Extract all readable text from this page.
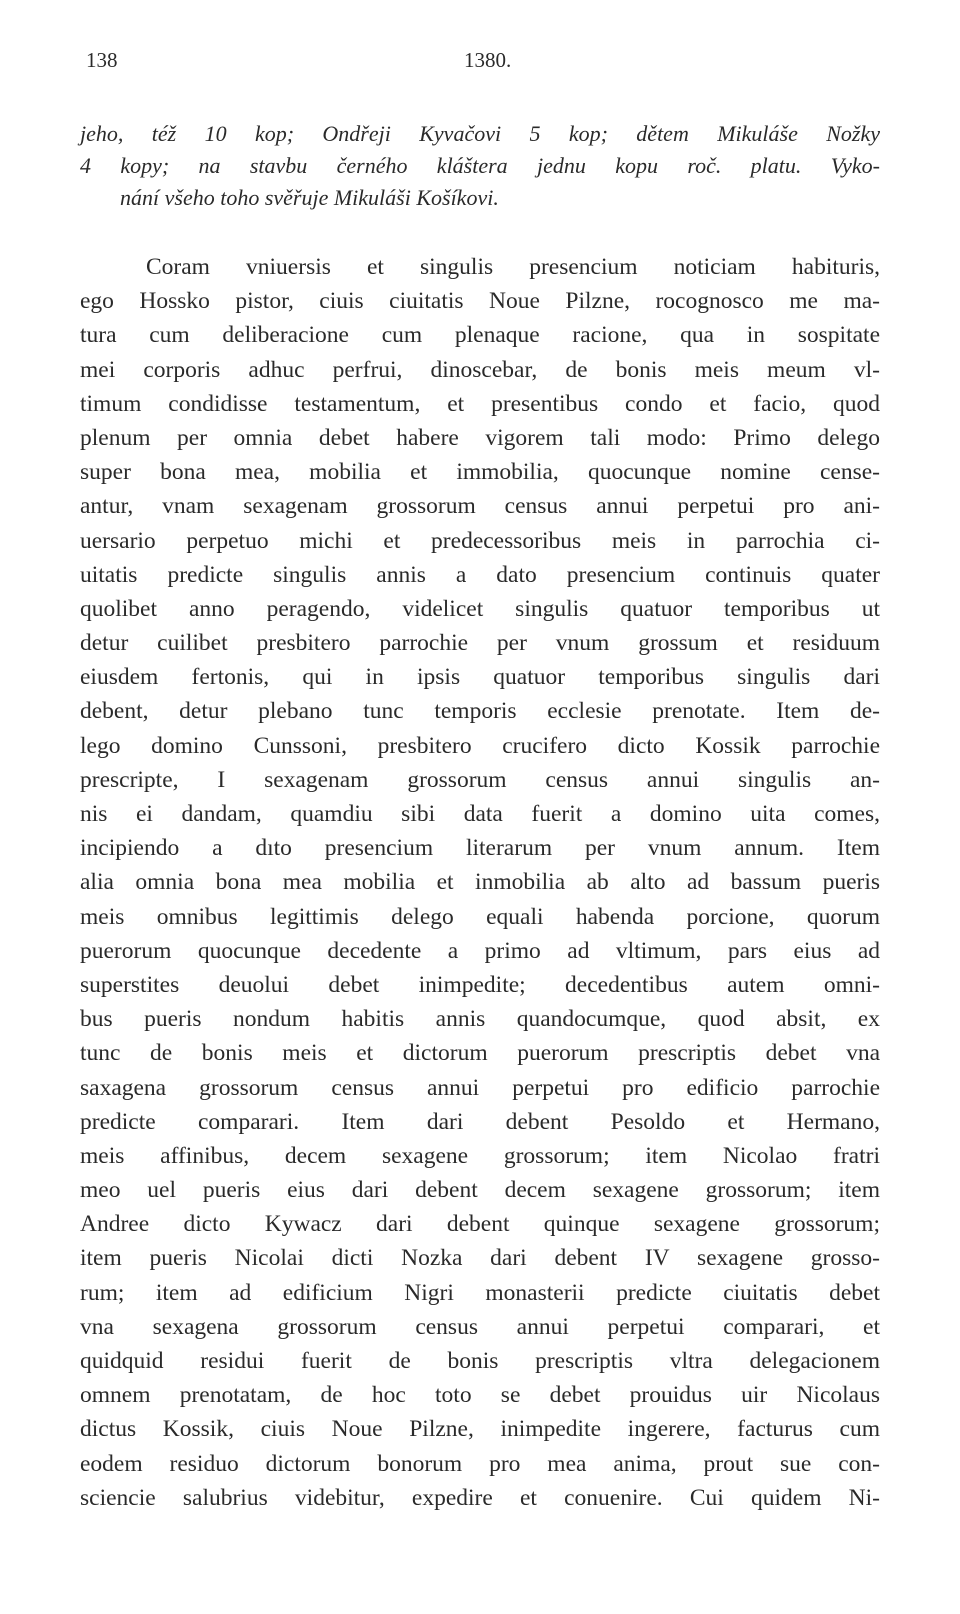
138	1380.
jeho, též 10 kop; Ondřeji Kyvačovi 5 kop; dětem Mikuláše Nožky
4 kopy; na stavbu černého kláštera jednu kopu roč. platu. Vyko-
nání všeho toho svěřuje Mikuláši Košíkovi.
Coram vniuersis et singulis presencium noticiam habituris,
ego Hossko pistor, ciuis ciuitatis Noue Pilzne, rocognosco me ma-
tura cum deliberacione cum plenaque racione, qua in sospitate
mei corporis adhuc perfrui, dinoscebar, de bonis meis meum vl-
timum condidisse testamentum, et presentibus condo et facio, quod
plenum per omnia debet habere vigorem tali modo: Primo delego
super bona mea, mobilia et immobilia, quocunque nomine cense-
antur, vnam sexagenam grossorum census annui perpetui pro ani-
uersario perpetuo michi et predecessoribus meis in parrochia ci-
uitatis predicte singulis annis a dato presencium continuis quater
quolibet anno peragendo, videlicet singulis quatuor temporibus ut
detur cuilibet presbitero parrochie per vnum grossum et residuum
eiusdem fertonis, qui in ipsis quatuor temporibus singulis dari
debent, detur plebano tunc temporis ecclesie prenotate. Item de-
lego domino Cunssoni, presbitero crucifero dicto Kossik parrochie
prescripte, I sexagenam grossorum census annui singulis an-
nis ei dandam, quamdiu sibi data fuerit a domino uita comes,
incipiendo a dıto presencium literarum per vnum annum. Item
alia omnia bona mea mobilia et inmobilia ab alto ad bassum pueris
meis omnibus legittimis delego equali habenda porcione, quorum
puerorum quocunque decedente a primo ad vltimum, pars eius ad
superstites deuolui debet inimpedite; decedentibus autem omni-
bus pueris nondum habitis annis quandocumque, quod absit, ex
tunc de bonis meis et dictorum puerorum prescriptis debet vna
saxagena grossorum census annui perpetui pro edificio parrochie
predicte comparari. Item dari debent Pesoldo et Hermano,
meis affinibus, decem sexagene grossorum; item Nicolao fratri
meo uel pueris eius dari debent decem sexagene grossorum; item
Andree dicto Kywacz dari debent quinque sexagene grossorum;
item pueris Nicolai dicti Nozka dari debent IV sexagene grosso-
rum; item ad edificium Nigri monasterii predicte ciuitatis debet
vna sexagena grossorum census annui perpetui comparari, et
quidquid residui fuerit de bonis prescriptis vltra delegacionem
omnem prenotatam, de hoc toto se debet prouidus uir Nicolaus
dictus Kossik, ciuis Noue Pilzne, inimpedite ingerere, facturus cum
eodem residuo dictorum bonorum pro mea anima, prout sue con-
sciencie salubrius videbitur, expedire et conuenire. Cui quidem Ni-
